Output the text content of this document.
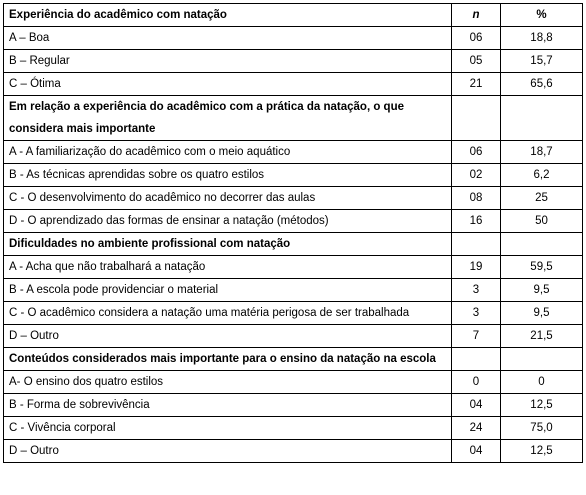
Experiência do acadêmico com natação	n	%
A – Boa	06	18,8
B – Regular	05	15,7
C – Ótima	21	65,6
Em relação a experiência do acadêmico com a prática da natação, o que considera mais importante		
A - A familiarização do acadêmico com o meio aquático	06	18,7
B - As técnicas aprendidas sobre os quatro estilos	02	6,2
C - O desenvolvimento do acadêmico no decorrer das aulas	08	25
D - O aprendizado das formas de ensinar a natação (métodos)	16	50
Dificuldades no ambiente profissional com natação		
A - Acha que não trabalhará a natação	19	59,5
B - A escola pode providenciar o material	3	9,5
C - O acadêmico considera a natação uma matéria perigosa de ser trabalhada	3	9,5
D – Outro	7	21,5
Conteúdos considerados mais importante para o ensino da natação na escola		
A- O ensino dos quatro estilos	0	0
B - Forma de sobrevivência	04	12,5
C - Vivência corporal	24	75,0
D – Outro	04	12,5
